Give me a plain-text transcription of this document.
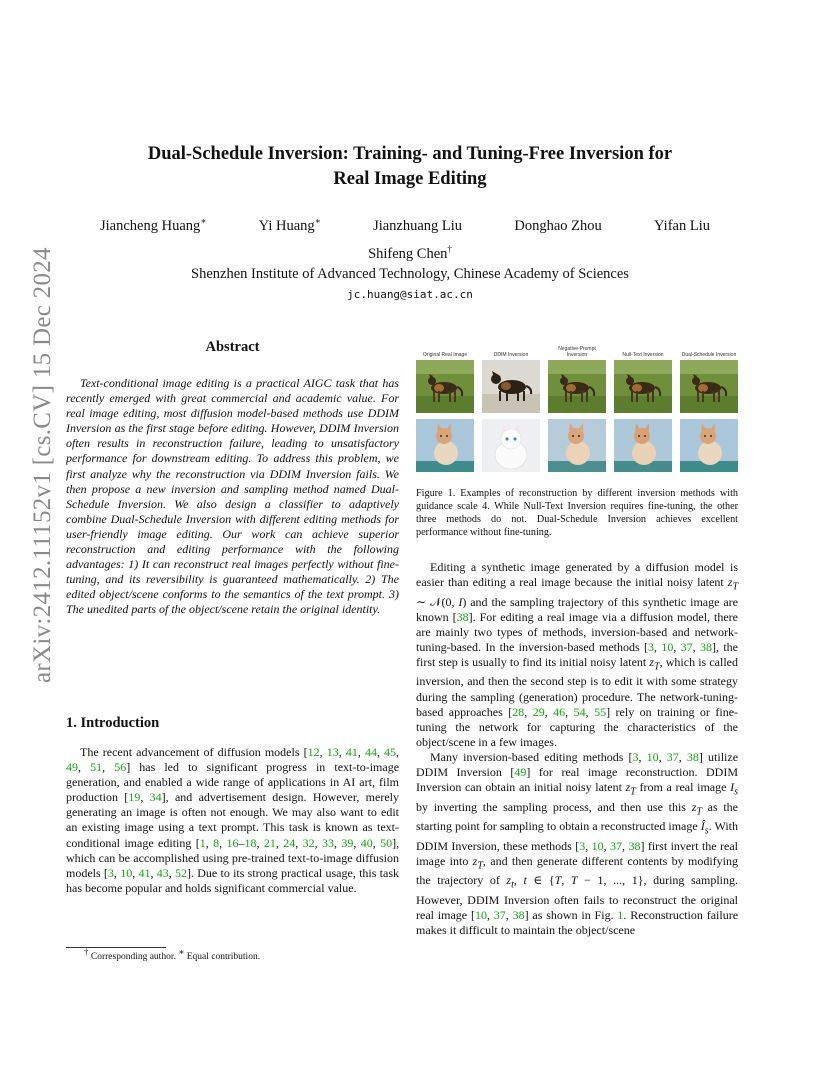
arXiv:2412.11152v1 [cs.CV] 15 Dec 2024
Dual-Schedule Inversion: Training- and Tuning-Free Inversion for
Real Image Editing
Jiancheng Huang∗	Yi Huang∗	Jianzhuang Liu	Donghao Zhou	Yifan Liu
Shifeng Chen†
Shenzhen Institute of Advanced Technology, Chinese Academy of Sciences
jc.huang@siat.ac.cn
Abstract
Text-conditional image editing is a practical AIGC task that has recently emerged with great commercial and academic value. For real image editing, most diffusion model-based methods use DDIM Inversion as the first stage before editing. However, DDIM Inversion often results in reconstruction failure, leading to unsatisfactory performance for downstream editing. To address this problem, we first analyze why the reconstruction via DDIM Inversion fails. We then propose a new inversion and sampling method named Dual-Schedule Inversion. We also design a classifier to adaptively combine Dual-Schedule Inversion with different editing methods for user-friendly image editing. Our work can achieve superior reconstruction and editing performance with the following advantages: 1) It can reconstruct real images perfectly without fine-tuning, and its reversibility is guaranteed mathematically. 2) The edited object/scene conforms to the semantics of the text prompt. 3) The unedited parts of the object/scene retain the original identity.
1. Introduction
The recent advancement of diffusion models [12, 13, 41, 44, 45, 49, 51, 56] has led to significant progress in text-to-image generation, and enabled a wide range of applications in AI art, film production [19, 34], and advertisement design. However, merely generating an image is often not enough. We may also want to edit an existing image using a text prompt. This task is known as text-conditional image editing [1, 8, 16–18, 21, 24, 32, 33, 39, 40, 50], which can be accomplished using pre-trained text-to-image diffusion models [3, 10, 41, 43, 52]. Due to its strong practical usage, this task has become popular and holds significant commercial value.
† Corresponding author. ∗ Equal contribution.
Original Real Image	DDIM Inversion
Negative-Prompt Inversion	Null-Text Inversion	Dual-Schedule Inversion
Figure 1. Examples of reconstruction by different inversion methods with guidance scale 4. While Null-Text Inversion requires fine-tuning, the other three methods do not. Dual-Schedule Inversion achieves excellent performance without fine-tuning.

Editing a synthetic image generated by a diffusion model is easier than editing a real image because the initial noisy latent $z_T$ ∼ 𝒩(0, I) and the sampling trajectory of this synthetic image are known [38]. For editing a real image via a diffusion model, there are mainly two types of methods, inversion-based and network-tuning-based. In the inversion-based methods [3, 10, 37, 38], the first step is usually to find its initial noisy latent $z_T$, which is called inversion, and then the second step is to edit it with some strategy during the sampling (generation) procedure. The network-tuning-based approaches [28, 29, 46, 54, 55] rely on training or fine-tuning the network for capturing the characteristics of the object/scene in a few images.

Many inversion-based editing methods [3, 10, 37, 38] utilize DDIM Inversion [49] for real image reconstruction. DDIM Inversion can obtain an initial noisy latent $z_T$ from a real image $I_s$ by inverting the sampling process, and then use this $z_T$ as the starting point for sampling to obtain a reconstructed image $Î_s$. With DDIM Inversion, these methods [3, 10, 37, 38] first invert the real image into $z_T$, and then generate different contents by modifying the trajectory of $z_t$, t ∈ {T, T − 1, ..., 1}, during sampling. However, DDIM Inversion often fails to reconstruct the original real image [10, 37, 38] as shown in Fig. 1. Reconstruction failure makes it difficult to maintain the object/scene
